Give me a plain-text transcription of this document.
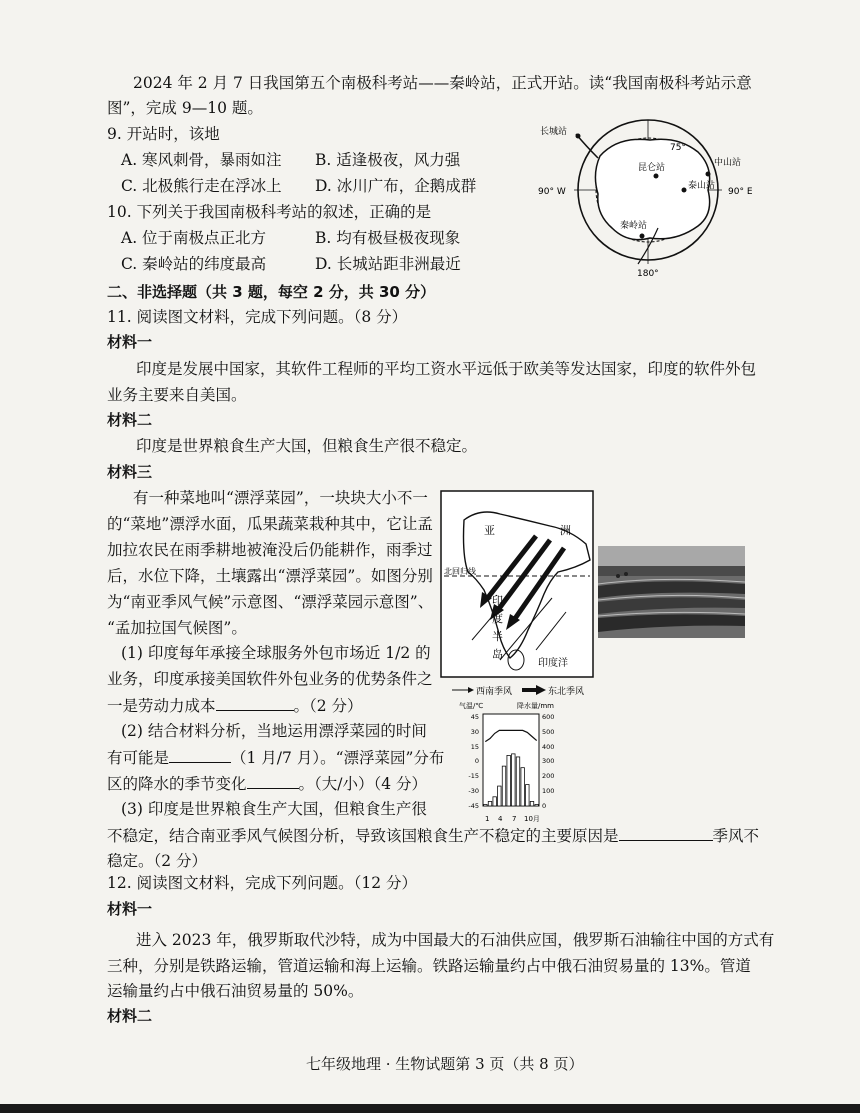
2024 年 2 月 7 日我国第五个南极科考站——秦岭站，正式开站。读“我国南极科考站示意
图”，完成 9—10 题。
9. 开站时，该地
A. 寒风刺骨，暴雨如注 B. 适逢极夜，风力强
C. 北极熊行走在浮冰上 D. 冰川广布，企鹅成群
10. 下列关于我国南极科考站的叙述，正确的是
A. 位于南极点正北方	B. 均有极昼极夜现象
C. 秦岭站的纬度最高	D. 长城站距非洲最近
长城站
昆仑站	中山站
泰山站
秦岭站
75°
90° W	90° E
180°
二、非选择题（共 3 题，每空 2 分，共 30 分）
11. 阅读图文材料，完成下列问题。（8 分）
材料一
印度是发展中国家，其软件工程师的平均工资水平远低于欧美等发达国家，印度的软件外包
业务主要来自美国。
材料二
印度是世界粮食生产大国，但粮食生产很不稳定。
材料三
有一种菜地叫“漂浮菜园”，一块块大小不一
的“菜地”漂浮水面，瓜果蔬菜栽种其中，它让孟
加拉农民在雨季耕地被淹没后仍能耕作，雨季过
后，水位下降，土壤露出“漂浮菜园”。如图分别
为“南亚季风气候”示意图、“漂浮菜园示意图”、
“孟加拉国气候图”。
(1) 印度每年承接全球服务外包市场近 1/2 的
业务，印度承接美国软件外包业务的优势条件之
一是劳动力成本	。（2 分）
(2) 结合材料分析，当地运用漂浮菜园的时间
有可能是	（1 月/7 月）。“漂浮菜园”分布
区的降水的季节变化	。（大/小）（4 分）
(3) 印度是世界粮食生产大国，但粮食生产很
不稳定，结合南亚季风气候图分析，导致该国粮食生产不稳定的主要原因是	季风不
稳定。（2 分）
亚	洲
北回归线
印
度
半
岛
印度洋
西南季风	东北季风
气温/℃	降水量/mm
45
30
15
0
-15
-30
-45
600
500
400
300
200
100
0
1 4 7 10月
12. 阅读图文材料，完成下列问题。（12 分）
材料一
进入 2023 年，俄罗斯取代沙特，成为中国最大的石油供应国，俄罗斯石油输往中国的方式有
三种，分别是铁路运输，管道运输和海上运输。铁路运输量约占中俄石油贸易量的 13%。管道
运输量约占中俄石油贸易量的 50%。
材料二
七年级地理 · 生物试题第 3 页（共 8 页）
